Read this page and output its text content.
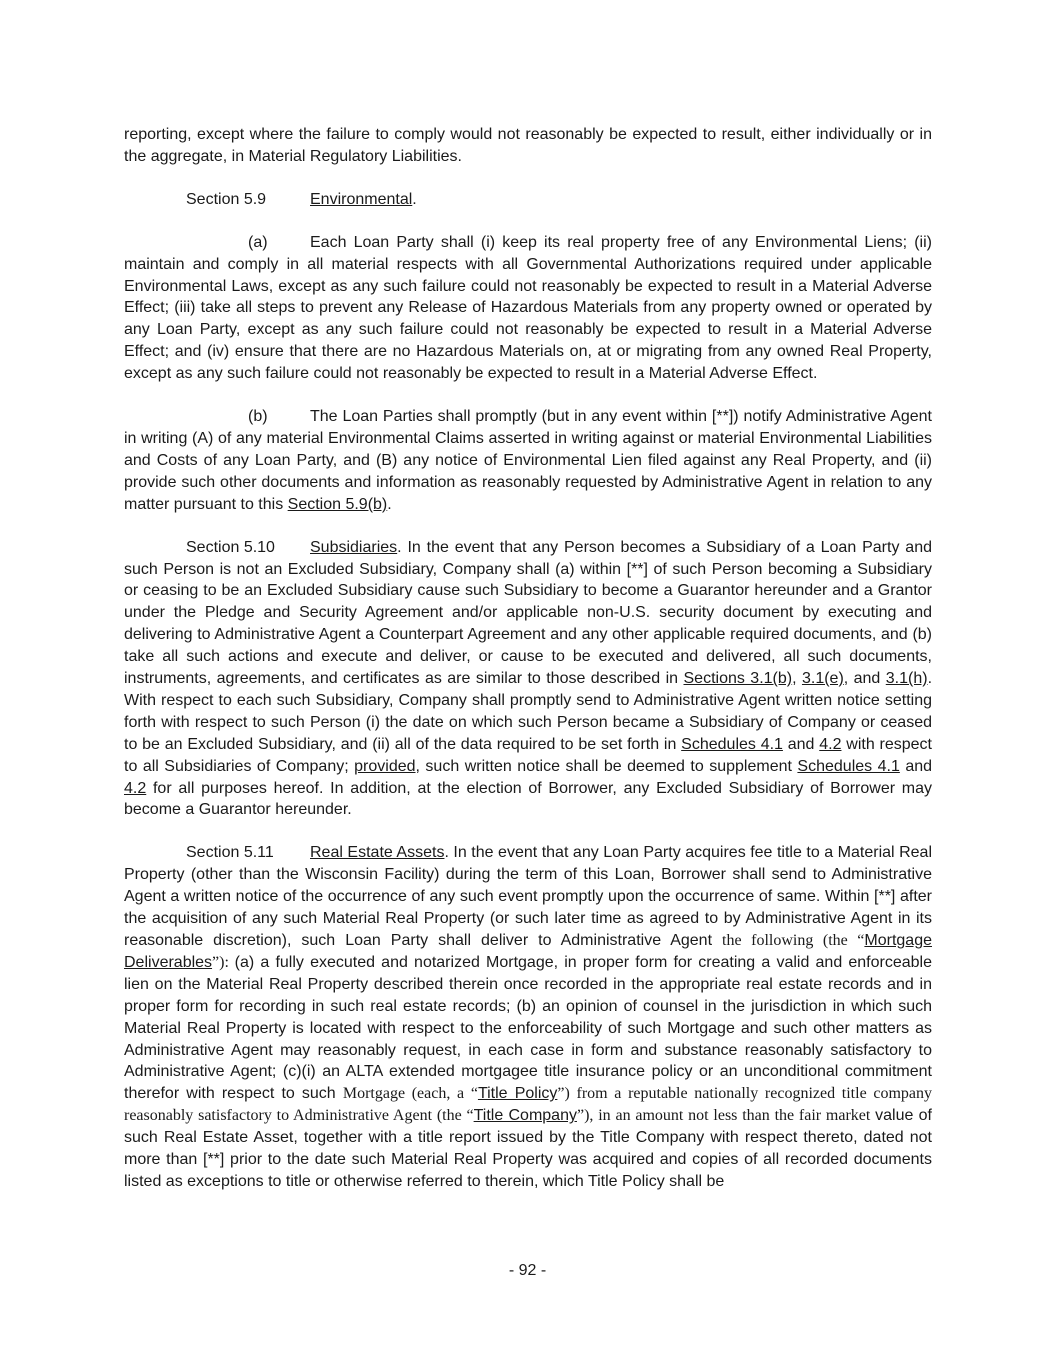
reporting, except where the failure to comply would not reasonably be expected to result, either individually or in the aggregate, in Material Regulatory Liabilities.

Section 5.9	Environmental.

(a)	Each Loan Party shall (i) keep its real property free of any Environmental Liens; (ii) maintain and comply in all material respects with all Governmental Authorizations required under applicable Environmental Laws, except as any such failure could not reasonably be expected to result in a Material Adverse Effect; (iii) take all steps to prevent any Release of Hazardous Materials from any property owned or operated by any Loan Party, except as any such failure could not reasonably be expected to result in a Material Adverse Effect; and (iv) ensure that there are no Hazardous Materials on, at or migrating from any owned Real Property, except as any such failure could not reasonably be expected to result in a Material Adverse Effect.

(b)	The Loan Parties shall promptly (but in any event within [**]) notify Administrative Agent in writing (A) of any material Environmental Claims asserted in writing against or material Environmental Liabilities and Costs of any Loan Party, and (B) any notice of Environmental Lien filed against any Real Property, and (ii) provide such other documents and information as reasonably requested by Administrative Agent in relation to any matter pursuant to this Section 5.9(b).

Section 5.10 Subsidiaries. In the event that any Person becomes a Subsidiary of a Loan Party and such Person is not an Excluded Subsidiary, Company shall (a) within [**] of such Person becoming a Subsidiary or ceasing to be an Excluded Subsidiary cause such Subsidiary to become a Guarantor hereunder and a Grantor under the Pledge and Security Agreement and/or applicable non-U.S. security document by executing and delivering to Administrative Agent a Counterpart Agreement and any other applicable required documents, and (b) take all such actions and execute and deliver, or cause to be executed and delivered, all such documents, instruments, agreements, and certificates as are similar to those described in Sections 3.1(b), 3.1(e), and 3.1(h). With respect to each such Subsidiary, Company shall promptly send to Administrative Agent written notice setting forth with respect to such Person (i) the date on which such Person became a Subsidiary of Company or ceased to be an Excluded Subsidiary, and (ii) all of the data required to be set forth in Schedules 4.1 and 4.2 with respect to all Subsidiaries of Company; provided, such written notice shall be deemed to supplement Schedules 4.1 and 4.2 for all purposes hereof. In addition, at the election of Borrower, any Excluded Subsidiary of Borrower may become a Guarantor hereunder.

Section 5.11 Real Estate Assets. In the event that any Loan Party acquires fee title to a Material Real Property (other than the Wisconsin Facility) during the term of this Loan, Borrower shall send to Administrative Agent a written notice of the occurrence of any such event promptly upon the occurrence of same. Within [**] after the acquisition of any such Material Real Property (or such later time as agreed to by Administrative Agent in its reasonable discretion), such Loan Party shall deliver to Administrative Agent the following (the “Mortgage Deliverables”): (a) a fully executed and notarized Mortgage, in proper form for creating a valid and enforceable lien on the Material Real Property described therein once recorded in the appropriate real estate records and in proper form for recording in such real estate records; (b) an opinion of counsel in the jurisdiction in which such Material Real Property is located with respect to the enforceability of such Mortgage and such other matters as Administrative Agent may reasonably request, in each case in form and substance reasonably satisfactory to Administrative Agent; (c)(i) an ALTA extended mortgagee title insurance policy or an unconditional commitment therefor with respect to such Mortgage (each, a “Title Policy”) from a reputable nationally recognized title company reasonably satisfactory to Administrative Agent (the “Title Company”), in an amount not less than the fair market value of such Real Estate Asset, together with a title report issued by the Title Company with respect thereto, dated not more than [**] prior to the date such Material Real Property was acquired and copies of all recorded documents listed as exceptions to title or otherwise referred to therein, which Title Policy shall be

- 92 -
